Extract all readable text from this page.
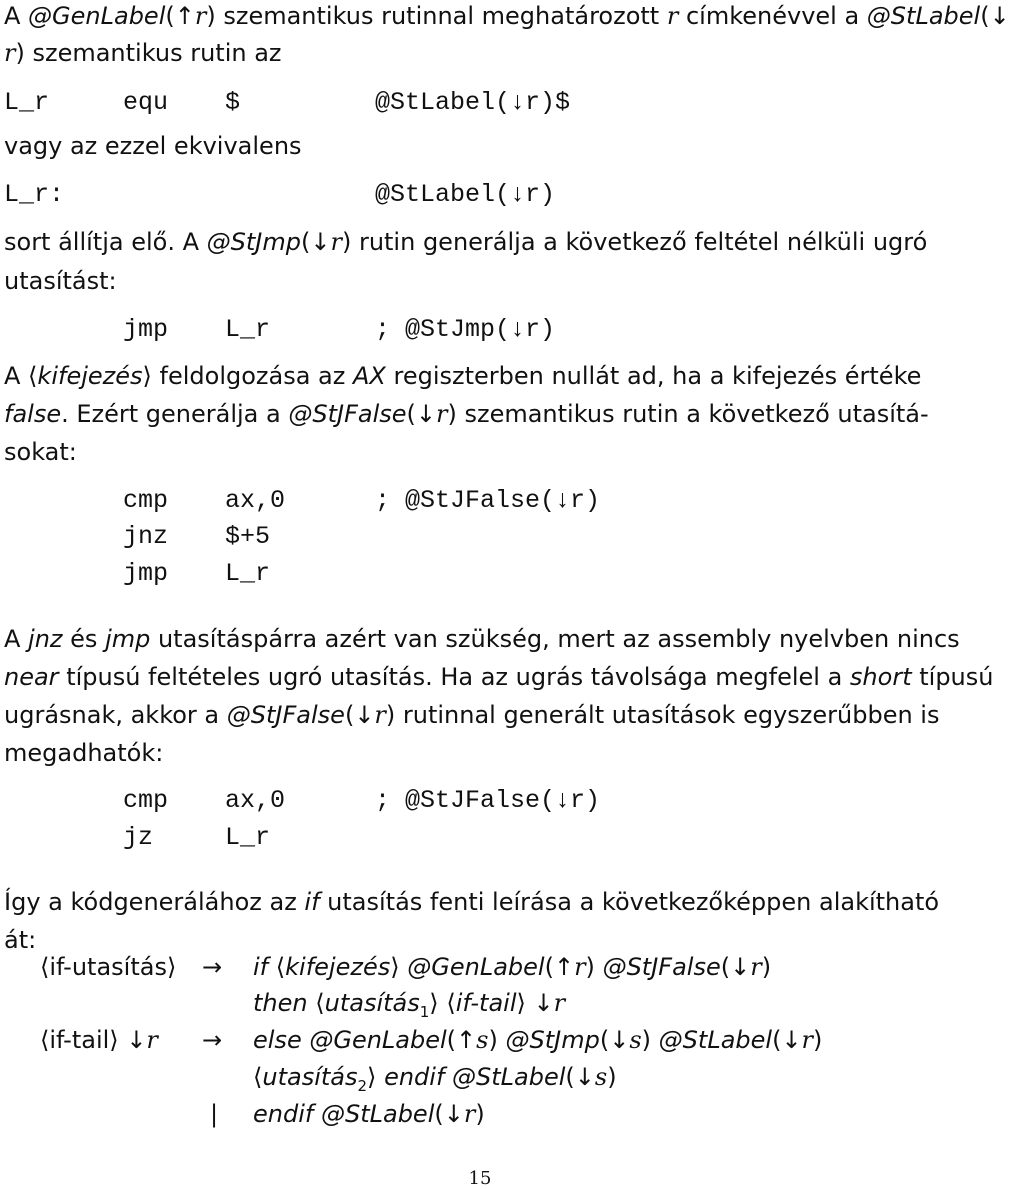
A @GenLabel(↑r) szemantikus rutinnal meghatározott r címkenévvel a @StLabel(↓
r) szemantikus rutin az
L_r	equ $	@StLabel(↓r)$
vagy az ezzel ekvivalens
L_r:	@StLabel(↓r)
sort állítja elő. A @StJmp(↓r) rutin generálja a következő feltétel nélküli ugró
utasítást:
jmp L_r	; @StJmp(↓r)
A ⟨kifejezés⟩ feldolgozása az AX regiszterben nullát ad, ha a kifejezés értéke
false. Ezért generálja a @StJFalse(↓r) szemantikus rutin a következő utasítá-
sokat:
cmp ax,0	; @StJFalse(↓r)
jnz $+5
jmp L_r
A jnz és jmp utasításpárra azért van szükség, mert az assembly nyelvben nincs
near típusú feltételes ugró utasítás. Ha az ugrás távolsága megfelel a short típusú
ugrásnak, akkor a @StJFalse(↓r) rutinnal generált utasítások egyszerűbben is
megadhatók:
cmp ax,0	; @StJFalse(↓r)
jz	L_r
Így a kódgenerálához az if utasítás fenti leírása a következőképpen alakítható
át:
⟨if-utasítás⟩ → if ⟨kifejezés⟩ @GenLabel(↑r) @StJFalse(↓r)
then ⟨utasítás$_1$⟩ ⟨if-tail⟩ ↓r
⟨if-tail⟩ ↓r → else @GenLabel(↑s) @StJmp(↓s) @StLabel(↓r)
⟨utasítás$_2$⟩ endif @StLabel(↓s)
| endif @StLabel(↓r)
15
